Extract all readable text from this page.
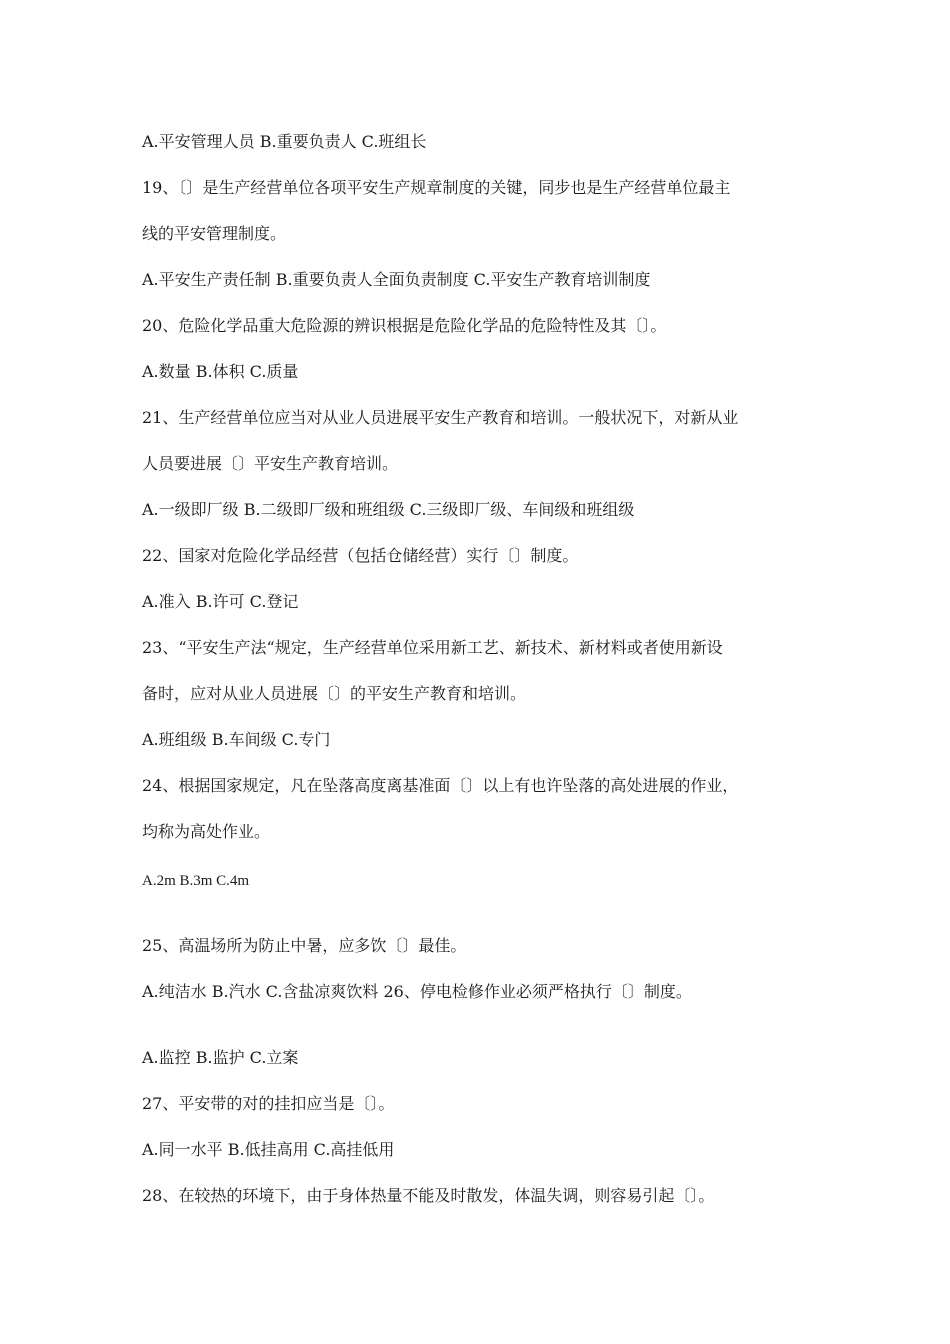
A.平安管理人员 B.重要负责人 C.班组长
19、〔〕是生产经营单位各项平安生产规章制度的关键，同步也是生产经营单位最主
线的平安管理制度。
A.平安生产责任制 B.重要负责人全面负责制度 C.平安生产教育培训制度
20、危险化学品重大危险源的辨识根据是危险化学品的危险特性及其〔〕。
A.数量 B.体积 C.质量
21、生产经营单位应当对从业人员进展平安生产教育和培训。一般状况下，对新从业
人员要进展〔〕平安生产教育培训。
A.一级即厂级 B.二级即厂级和班组级 C.三级即厂级、车间级和班组级
22、国家对危险化学品经营（包括仓储经营）实行〔〕制度。
A.准入 B.许可 C.登记
23、“平安生产法“规定，生产经营单位采用新工艺、新技术、新材料或者使用新设
备时，应对从业人员进展〔〕的平安生产教育和培训。
A.班组级 B.车间级 C.专门
24、根据国家规定，凡在坠落高度离基准面〔〕以上有也许坠落的高处进展的作业，
均称为高处作业。
A.2m B.3m C.4m
25、高温场所为防止中暑，应多饮〔〕最佳。
A.纯洁水 B.汽水 C.含盐凉爽饮料 26、停电检修作业必须严格执行〔〕制度。
A.监控 B.监护 C.立案
27、平安带的对的挂扣应当是〔〕。
A.同一水平 B.低挂高用 C.高挂低用
28、在较热的环境下，由于身体热量不能及时散发，体温失调，则容易引起〔〕。
